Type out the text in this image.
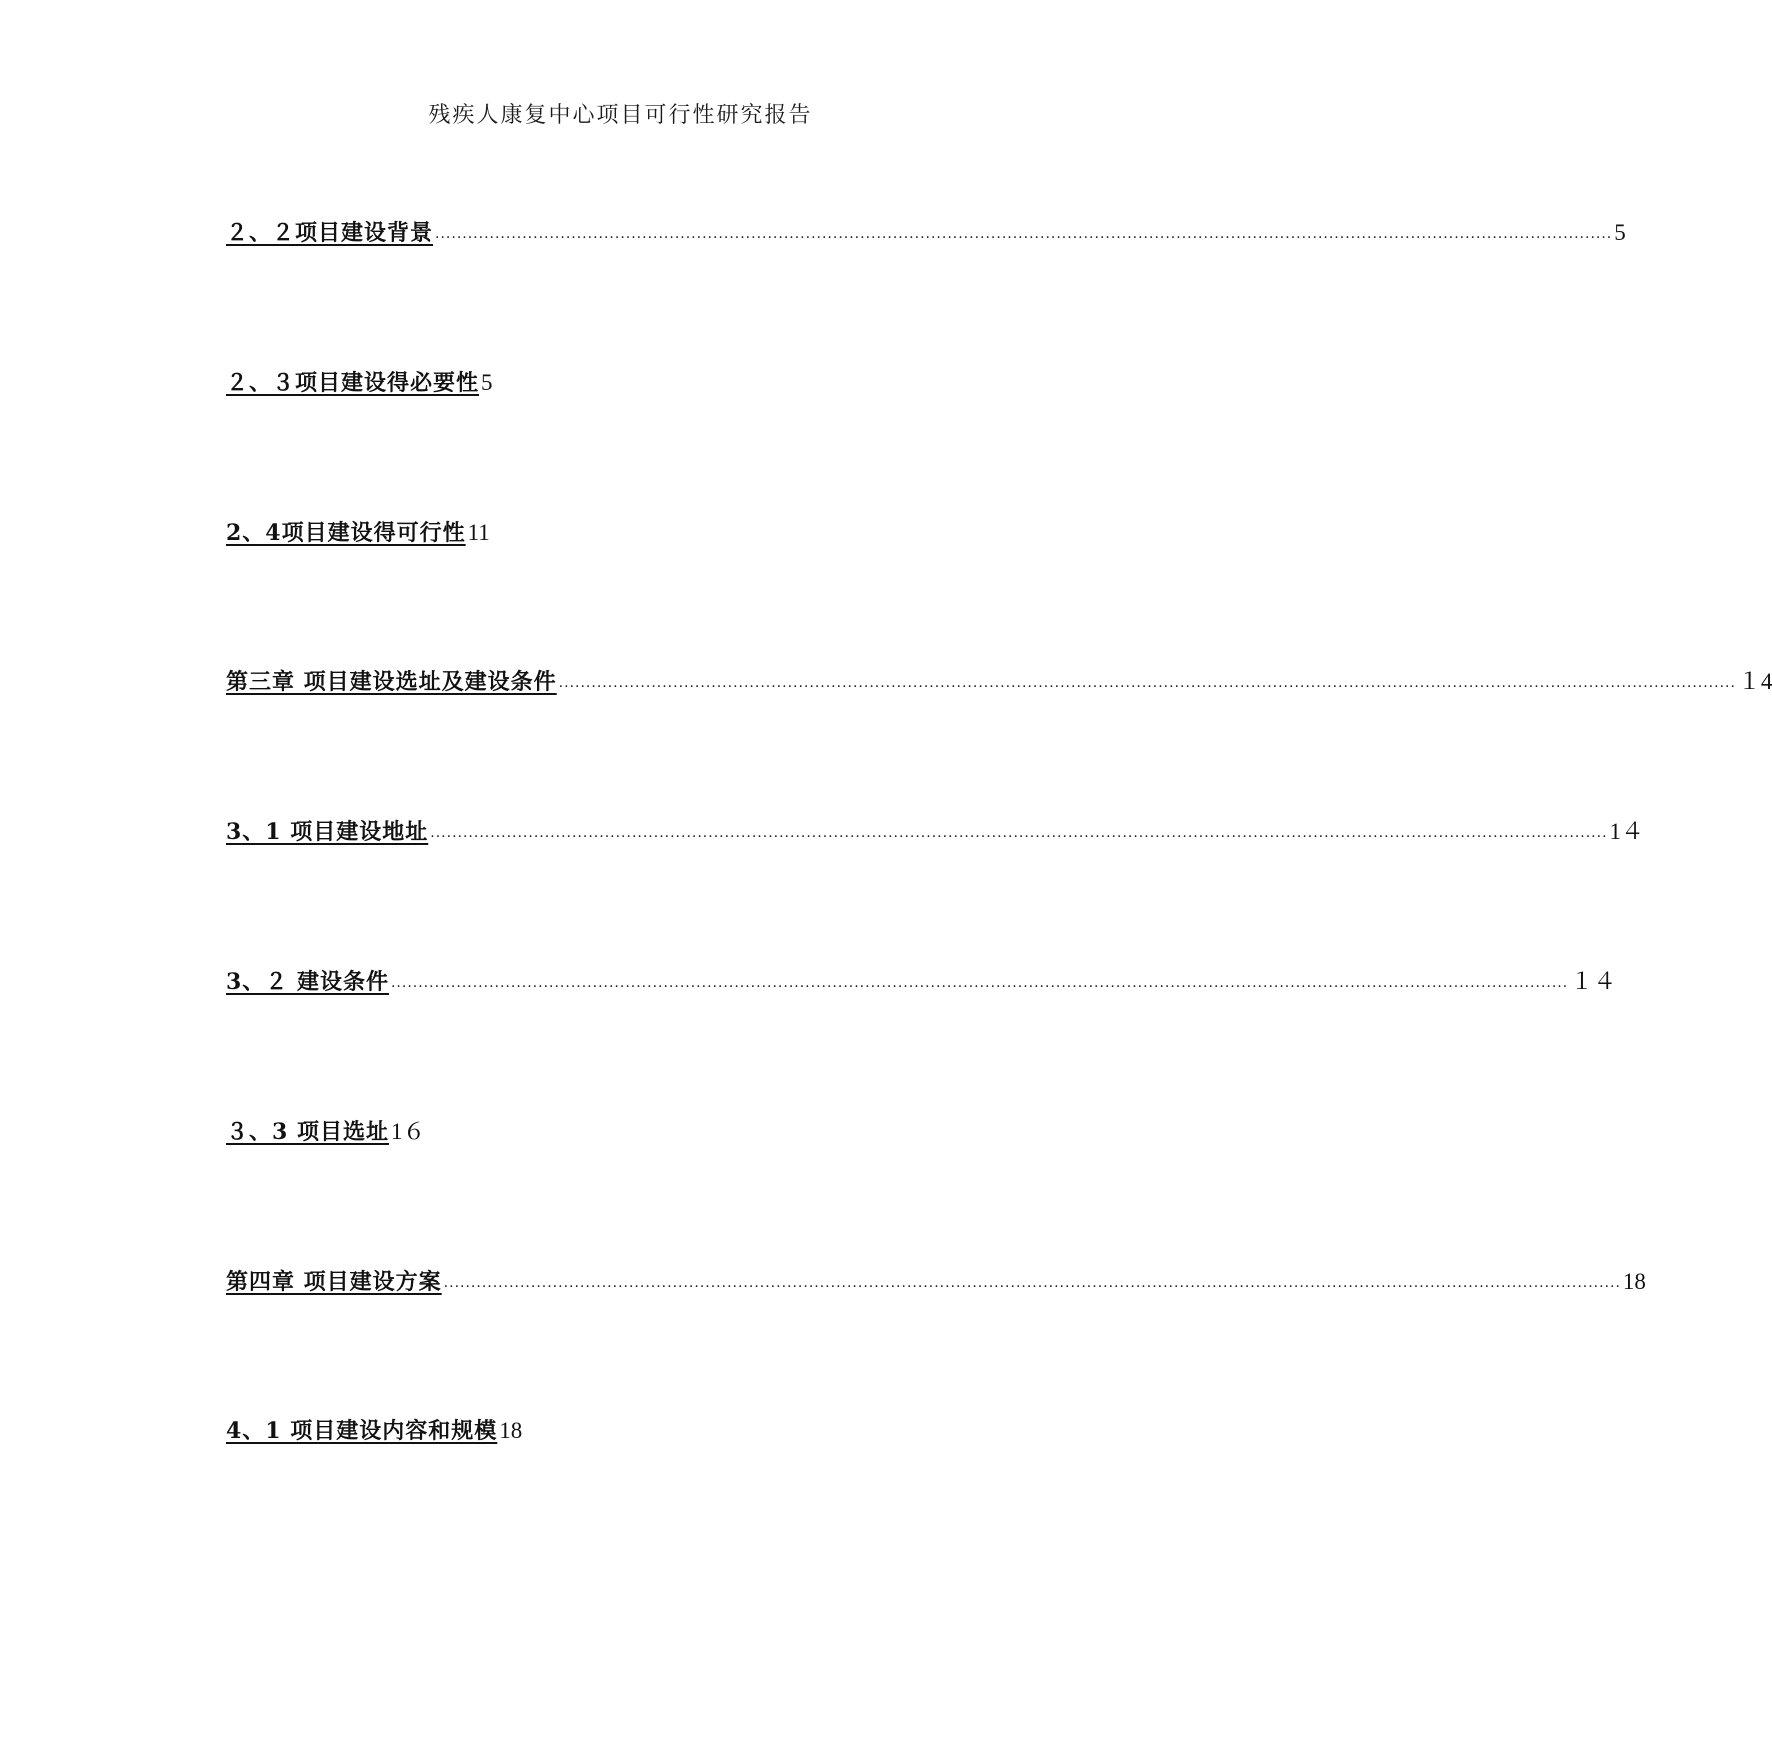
残疾人康复中心项目可行性研究报告
２、２项目建设背景 ........................................................................................................................................................................................................................ 5
２、３项目建设得必要性 5
2、4项目建设得可行性 11
第三章 项目建设选址及建设条件 ........................................................................................................................................................................................................................ １4
3、1 项目建设地址 ........................................................................................................................................................................................................................ 1４
3、２ 建设条件 ........................................................................................................................................................................................................................ １４
３、3 项目选址 1６
第四章 项目建设方案 ........................................................................................................................................................................................................................ 18
4、1 项目建设内容和规模 18
